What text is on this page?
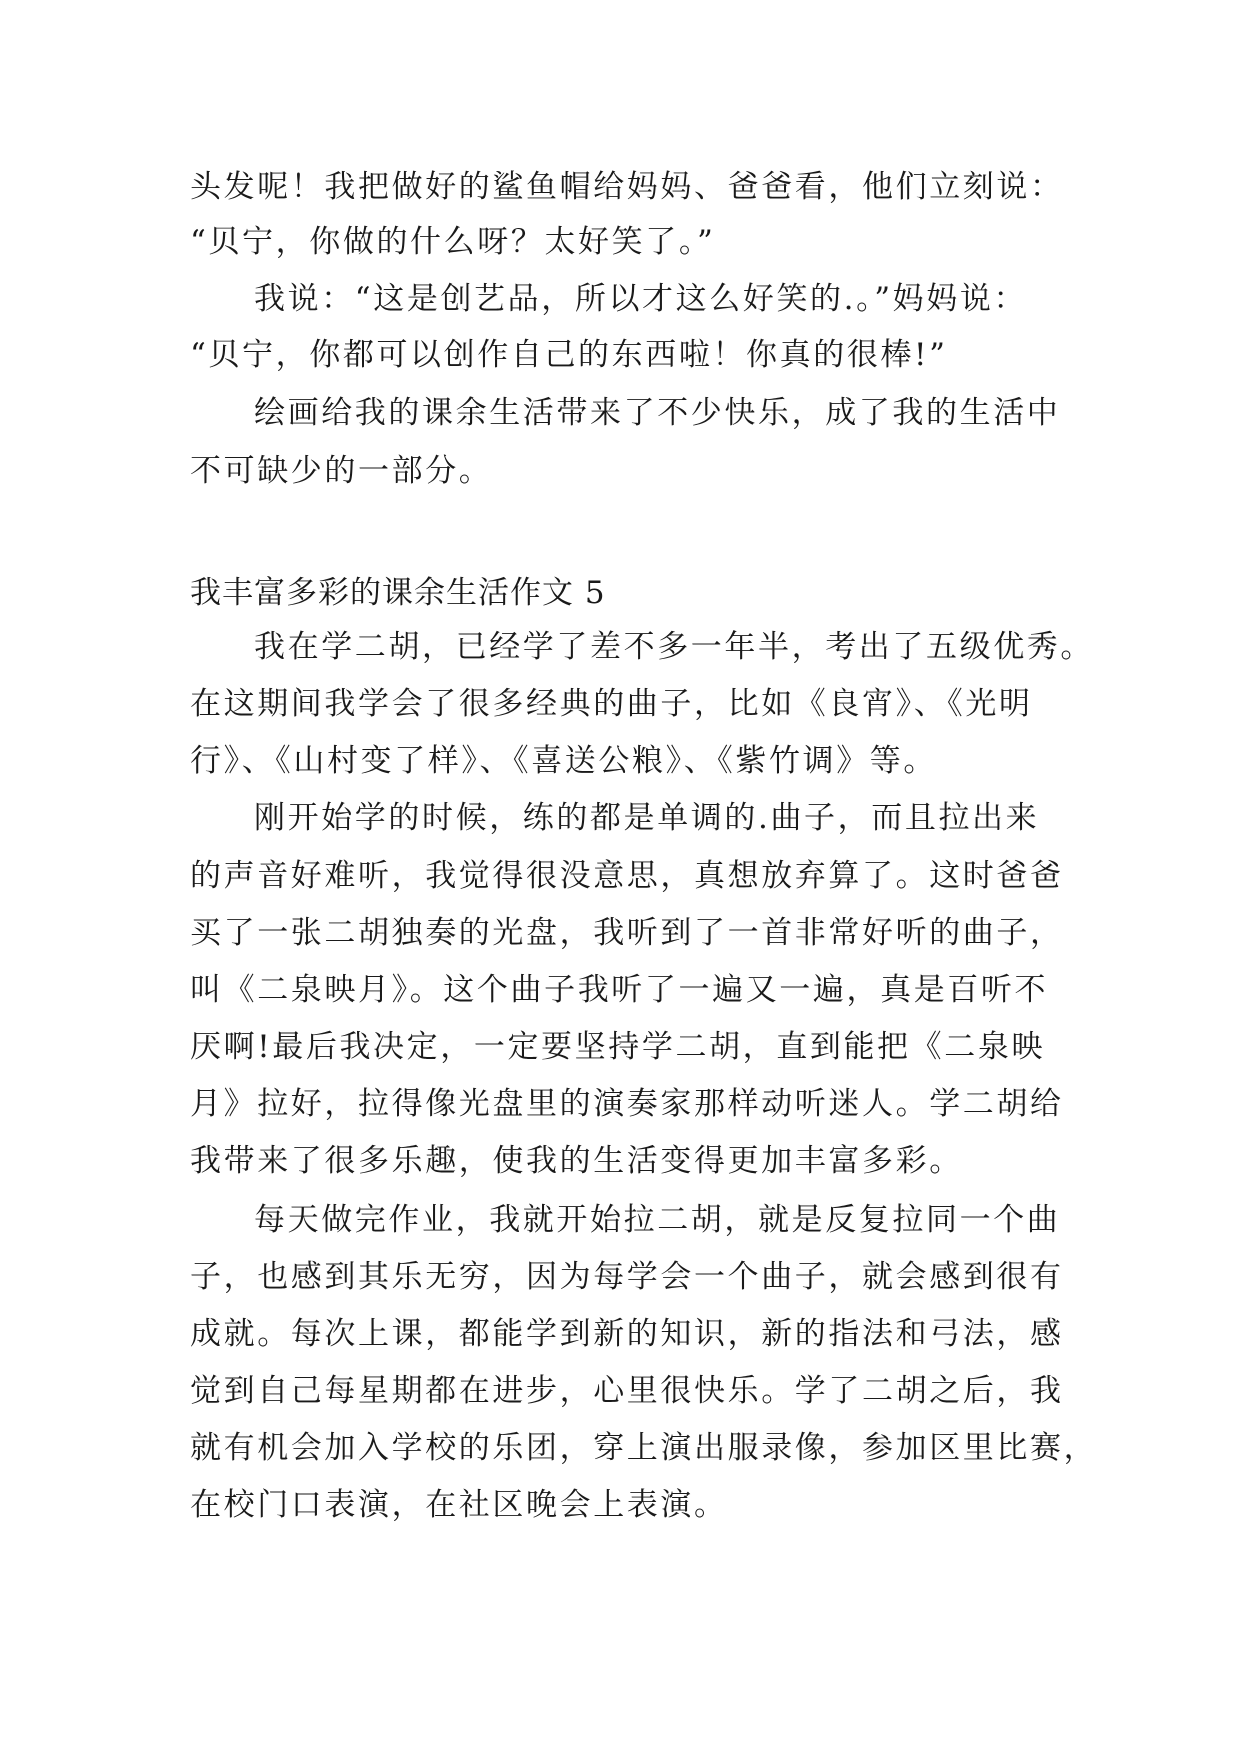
头发呢！我把做好的鲨鱼帽给妈妈、爸爸看，他们立刻说：
“贝宁，你做的什么呀？太好笑了。”
我说：“这是创艺品，所以才这么好笑的.。”妈妈说：
“贝宁，你都可以创作自己的东西啦！你真的很棒!”
绘画给我的课余生活带来了不少快乐，成了我的生活中
不可缺少的一部分。
我丰富多彩的课余生活作文 5
我在学二胡，已经学了差不多一年半，考出了五级优秀。
在这期间我学会了很多经典的曲子，比如《良宵》、《光明
行》、《山村变了样》、《喜送公粮》、《紫竹调》等。
刚开始学的时候，练的都是单调的.曲子，而且拉出来
的声音好难听，我觉得很没意思，真想放弃算了。这时爸爸
买了一张二胡独奏的光盘，我听到了一首非常好听的曲子，
叫《二泉映月》。这个曲子我听了一遍又一遍，真是百听不
厌啊!最后我决定，一定要坚持学二胡，直到能把《二泉映
月》拉好，拉得像光盘里的演奏家那样动听迷人。学二胡给
我带来了很多乐趣，使我的生活变得更加丰富多彩。
每天做完作业，我就开始拉二胡，就是反复拉同一个曲
子，也感到其乐无穷，因为每学会一个曲子，就会感到很有
成就。每次上课，都能学到新的知识，新的指法和弓法，感
觉到自己每星期都在进步，心里很快乐。学了二胡之后，我
就有机会加入学校的乐团，穿上演出服录像，参加区里比赛，
在校门口表演，在社区晚会上表演。
